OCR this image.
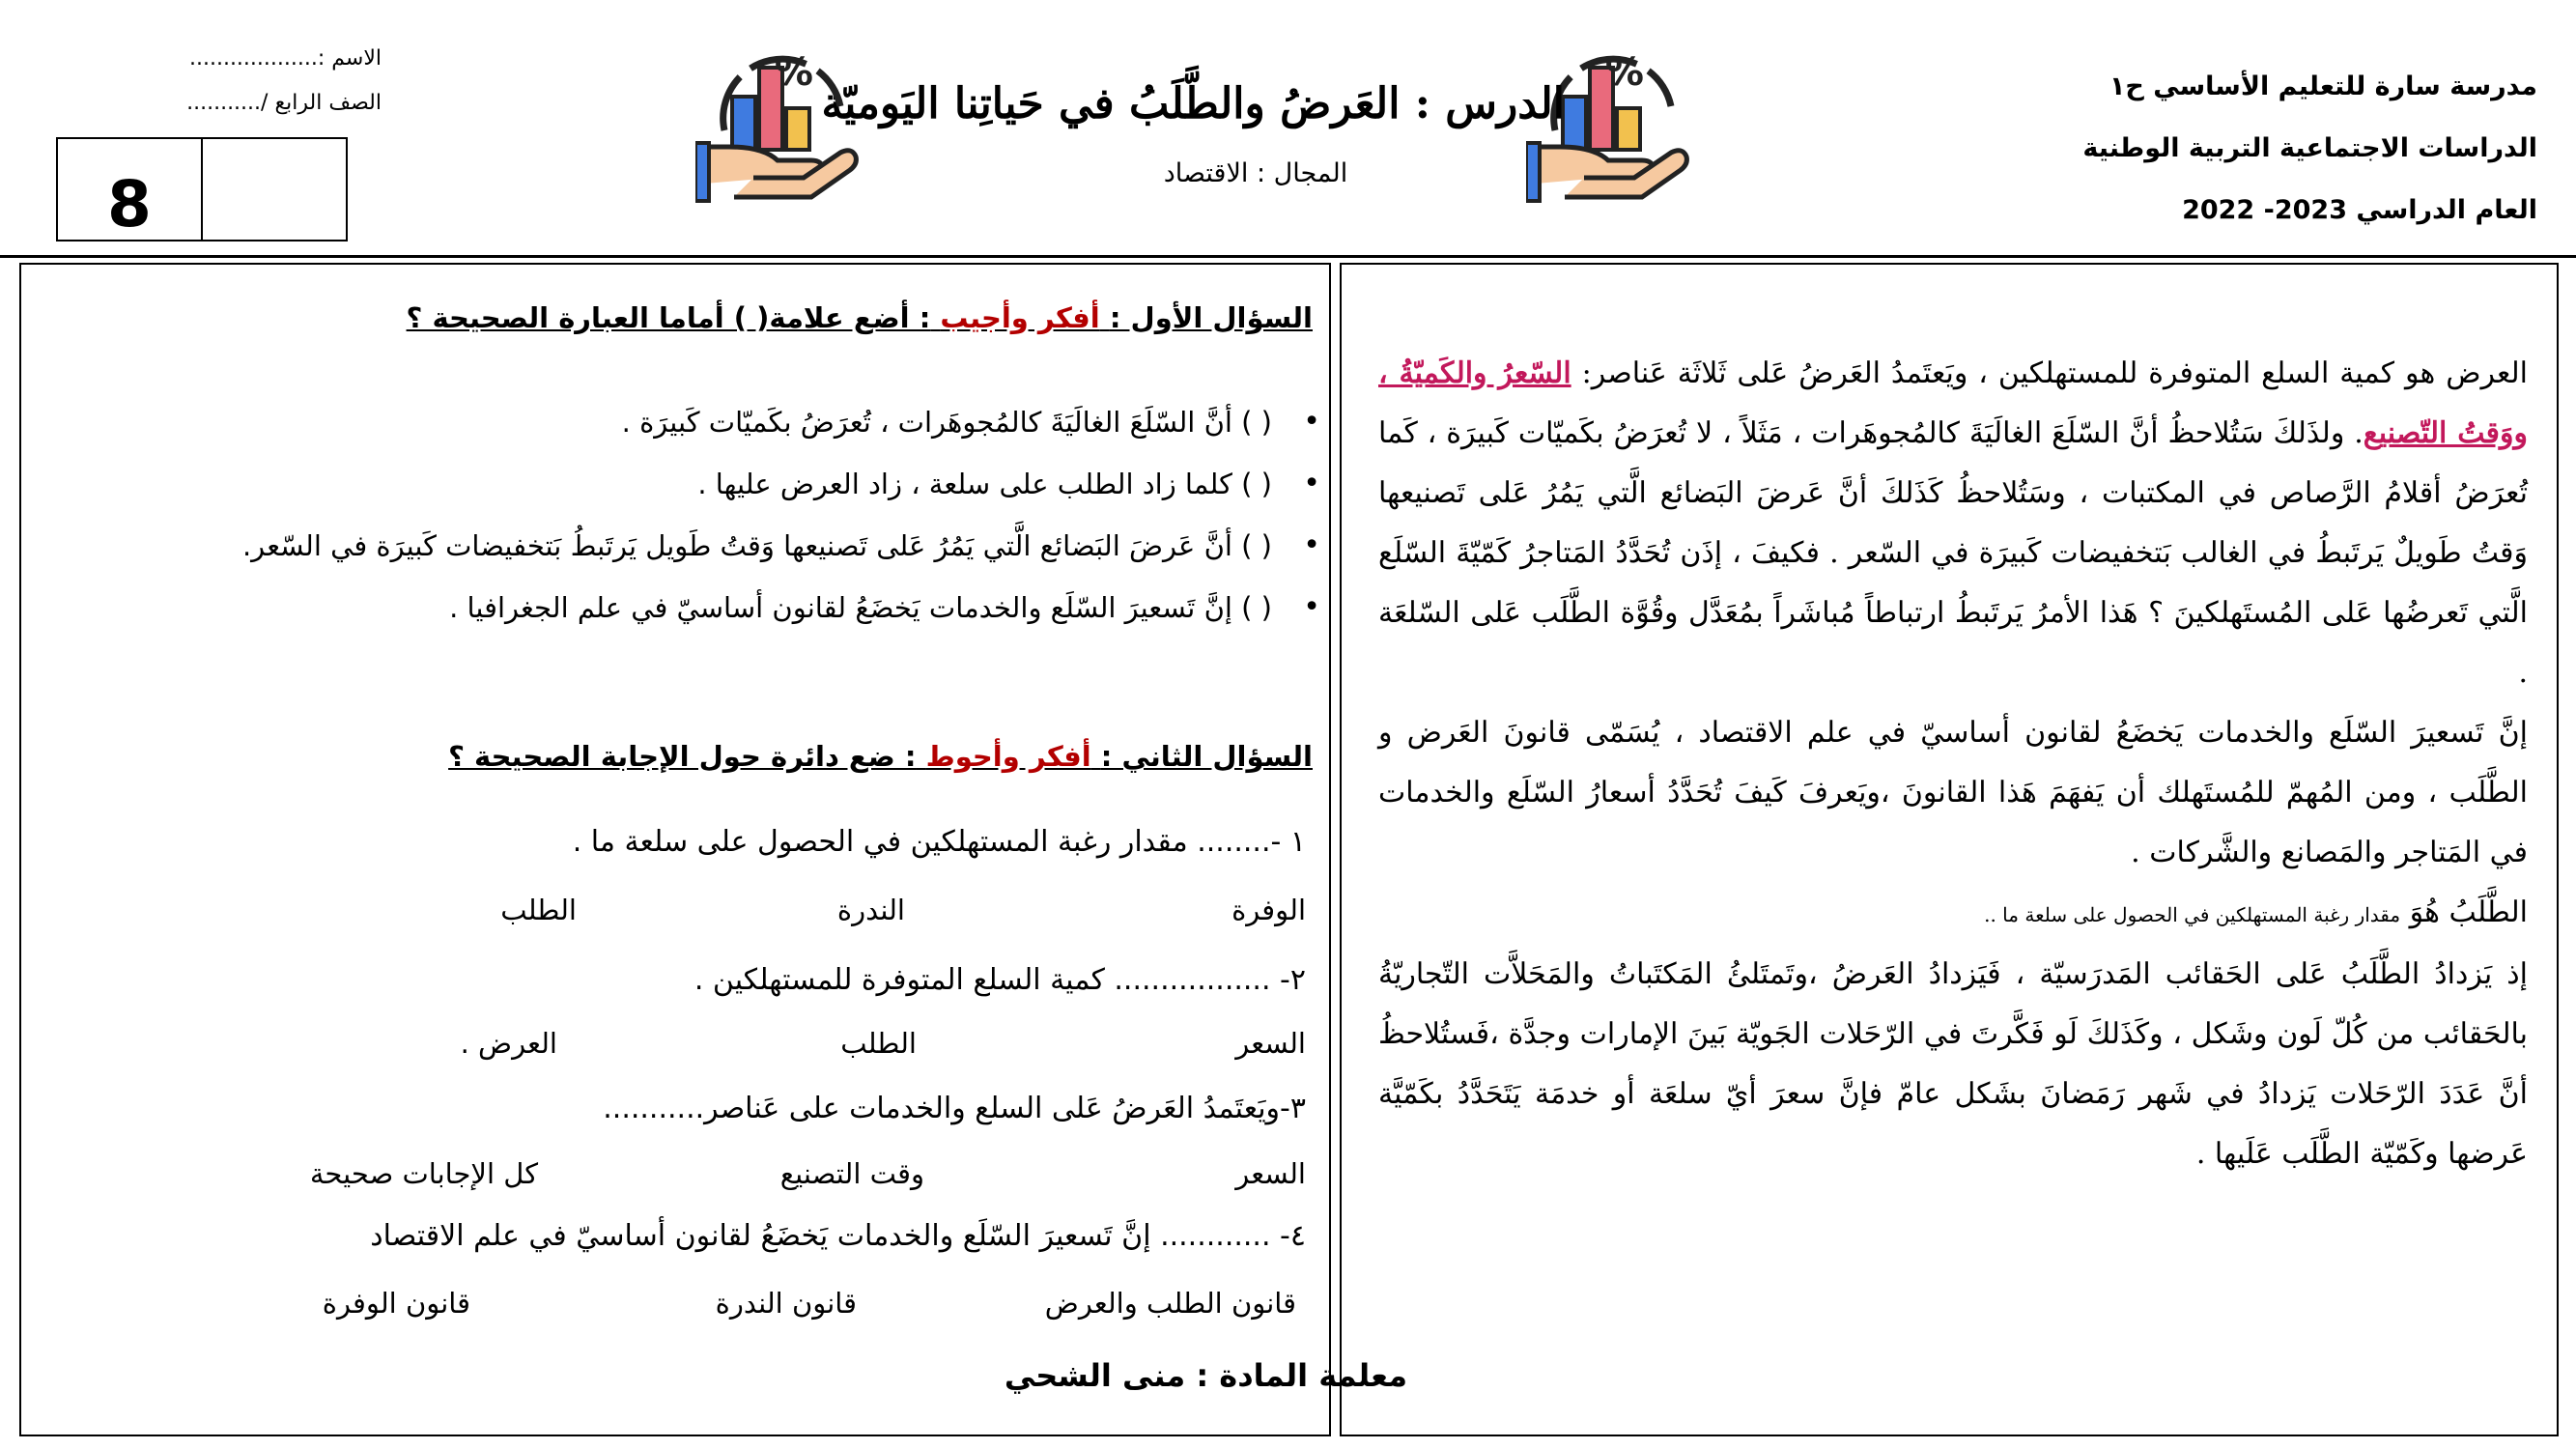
مدرسة سارة للتعليم الأساسي ح١
الدراسات الاجتماعية التربية الوطنية
العام الدراسي 2023- 2022
%
الدرس : العَرضُ والطَّلَبُ في حَياتِنا اليَوميّة
المجال : الاقتصاد
%
الاسم :...................
الصف الرابع /...........
8
السؤال الأول : أفكر وأجيب : أضع علامة( ) أماما العبارة الصحيحة ؟
• ( ) أنَّ السّلَعَ الغالَيَةَ كالمُجوهَرات ، تُعرَضُ بكَميّات كَبيرَة .
• ( ) كلما زاد الطلب على سلعة ، زاد العرض عليها .
• ( ) أنَّ عَرضَ البَضائع الَّتي يَمُرُ عَلى تَصنيعها وَقتُ طَويل يَرتَبطُ بَتخفيضات كَبيرَة في السّعر.
• ( ) إنَّ تَسعيرَ السّلَع والخدمات يَخضَعُ لقانون أساسيّ في علم الجغرافيا .
السؤال الثاني : أفكر وأحوط : ضع دائرة حول الإجابة الصحيحة ؟
١ -........ مقدار رغبة المستهلكين في الحصول على سلعة ما .
الوفرة
الندرة
الطلب
٢- ................. كمية السلع المتوفرة للمستهلكين .
السعر
الطلب
العرض .
٣-ويَعتَمدُ العَرضُ عَلى السلع والخدمات على عَناصر...........
السعر
وقت التصنيع
كل الإجابات صحيحة
٤- ............ إنَّ تَسعيرَ السّلَع والخدمات يَخضَعُ لقانون أساسيّ في علم الاقتصاد
قانون الطلب والعرض
قانون الندرة
قانون الوفرة

العرض هو كمية السلع المتوفرة للمستهلكين ، ويَعتَمدُ العَرضُ عَلى ثَلاثَة عَناصر: السّعرُ والكَميّةُ ، ووَقتُ التّصنيع. ولذَلكَ سَتُلاحظُ أنَّ السّلَعَ الغالَيَةَ كالمُجوهَرات ، مَثَلاً ، لا تُعرَضُ بكَميّات كَبيرَة ، كَما تُعرَضُ أقلامُ الرَّصاص في المكتبات ، وسَتُلاحظُ كَذَلكَ أنَّ عَرضَ البَضائع الَّتي يَمُرُ عَلى تَصنيعها وَقتُ طَويلٌ يَرتَبطُ في الغالب بَتخفيضات كَبيرَة في السّعر . فكيفَ ، إذَن تُحَدَّدُ المَتاجرُ كَمّيّةَ السّلَع الَّتي تَعرضُها عَلى المُستَهلكينَ ؟ هَذا الأمرُ يَرتَبطُ ارتباطاً مُباشَراً بمُعَدَّل وقُوَّة الطَّلَب عَلى السّلعَة .

إنَّ تَسعيرَ السّلَع والخدمات يَخضَعُ لقانون أساسيّ في علم الاقتصاد ، يُسَمّى قانونَ العَرض و الطَّلَب ، ومن المُهمّ للمُستَهلك أن يَفهَمَ هَذا القانونَ ،ويَعرفَ كَيفَ تُحَدَّدُ أسعارُ السّلَع والخدمات في المَتاجر والمَصانع والشَّركات .

الطَّلَبُ هُوَ مقدار رغبة المستهلكين في الحصول على سلعة ما ..

إذ يَزدادُ الطَّلَبُ عَلى الحَقائب المَدرَسيّة ، فَيَزدادُ العَرضُ ،وتَمتَلئُ المَكتَباتُ والمَحَلاَّت التّجاريّةُ بالحَقائب من كُلّ لَون وشَكل ، وكَذَلكَ لَو فَكَّرتَ في الرّحَلات الجَويّة بَينَ الإمارات وجدَّة ،فَستُلاحظُ أنَّ عَدَدَ الرّحَلات يَزدادُ في شَهر رَمَضانَ بشَكل عامّ فإنَّ سعرَ أيّ سلعَة أو خدمَة يَتَحَدَّدُ بكَمّيَّة عَرضها وكَمّيّة الطَّلَب عَلَيها .

معلمة المادة : منى الشحي
